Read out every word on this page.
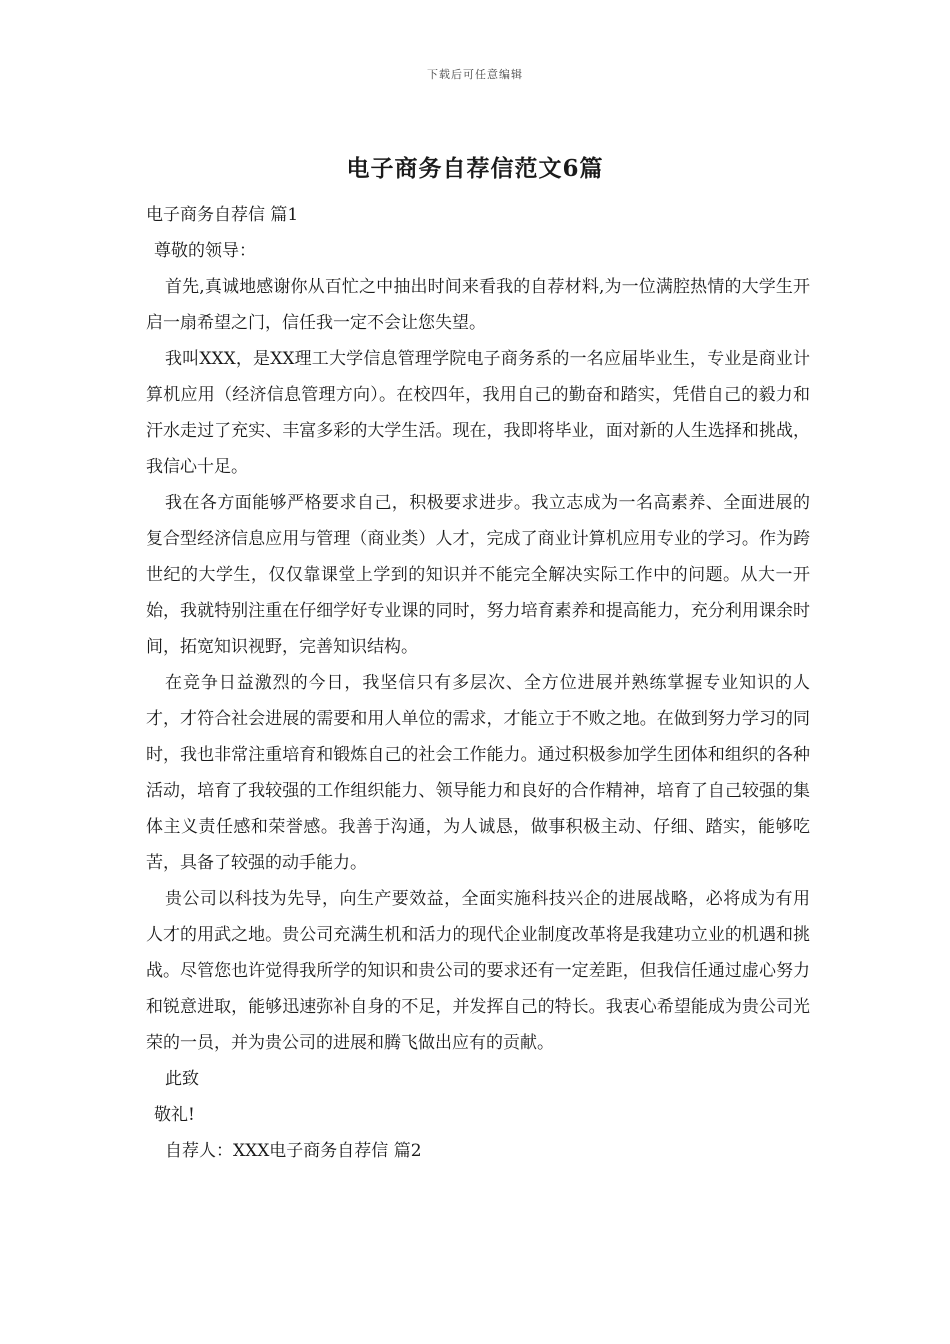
下载后可任意编辑
电子商务自荐信范文6篇

电子商务自荐信 篇1

尊敬的领导：

首先,真诚地感谢你从百忙之中抽出时间来看我的自荐材料,为一位满腔热情的大学生开启一扇希望之门，信任我一定不会让您失望。

我叫XXX，是XX理工大学信息管理学院电子商务系的一名应届毕业生，专业是商业计算机应用（经济信息管理方向）。在校四年，我用自己的勤奋和踏实，凭借自己的毅力和汗水走过了充实、丰富多彩的大学生活。现在，我即将毕业，面对新的人生选择和挑战，我信心十足。

我在各方面能够严格要求自己，积极要求进步。我立志成为一名高素养、全面进展的复合型经济信息应用与管理（商业类）人才，完成了商业计算机应用专业的学习。作为跨世纪的大学生，仅仅靠课堂上学到的知识并不能完全解决实际工作中的问题。从大一开始，我就特别注重在仔细学好专业课的同时，努力培育素养和提高能力，充分利用课余时间，拓宽知识视野，完善知识结构。

在竞争日益激烈的今日，我坚信只有多层次、全方位进展并熟练掌握专业知识的人才，才符合社会进展的需要和用人单位的需求，才能立于不败之地。在做到努力学习的同时，我也非常注重培育和锻炼自己的社会工作能力。通过积极参加学生团体和组织的各种活动，培育了我较强的工作组织能力、领导能力和良好的合作精神，培育了自己较强的集体主义责任感和荣誉感。我善于沟通，为人诚恳，做事积极主动、仔细、踏实，能够吃苦，具备了较强的动手能力。

贵公司以科技为先导，向生产要效益，全面实施科技兴企的进展战略，必将成为有用人才的用武之地。贵公司充满生机和活力的现代企业制度改革将是我建功立业的机遇和挑战。尽管您也许觉得我所学的知识和贵公司的要求还有一定差距，但我信任通过虚心努力和锐意进取，能够迅速弥补自身的不足，并发挥自己的特长。我衷心希望能成为贵公司光荣的一员，并为贵公司的进展和腾飞做出应有的贡献。

此致

敬礼!

自荐人：XXX电子商务自荐信 篇2
